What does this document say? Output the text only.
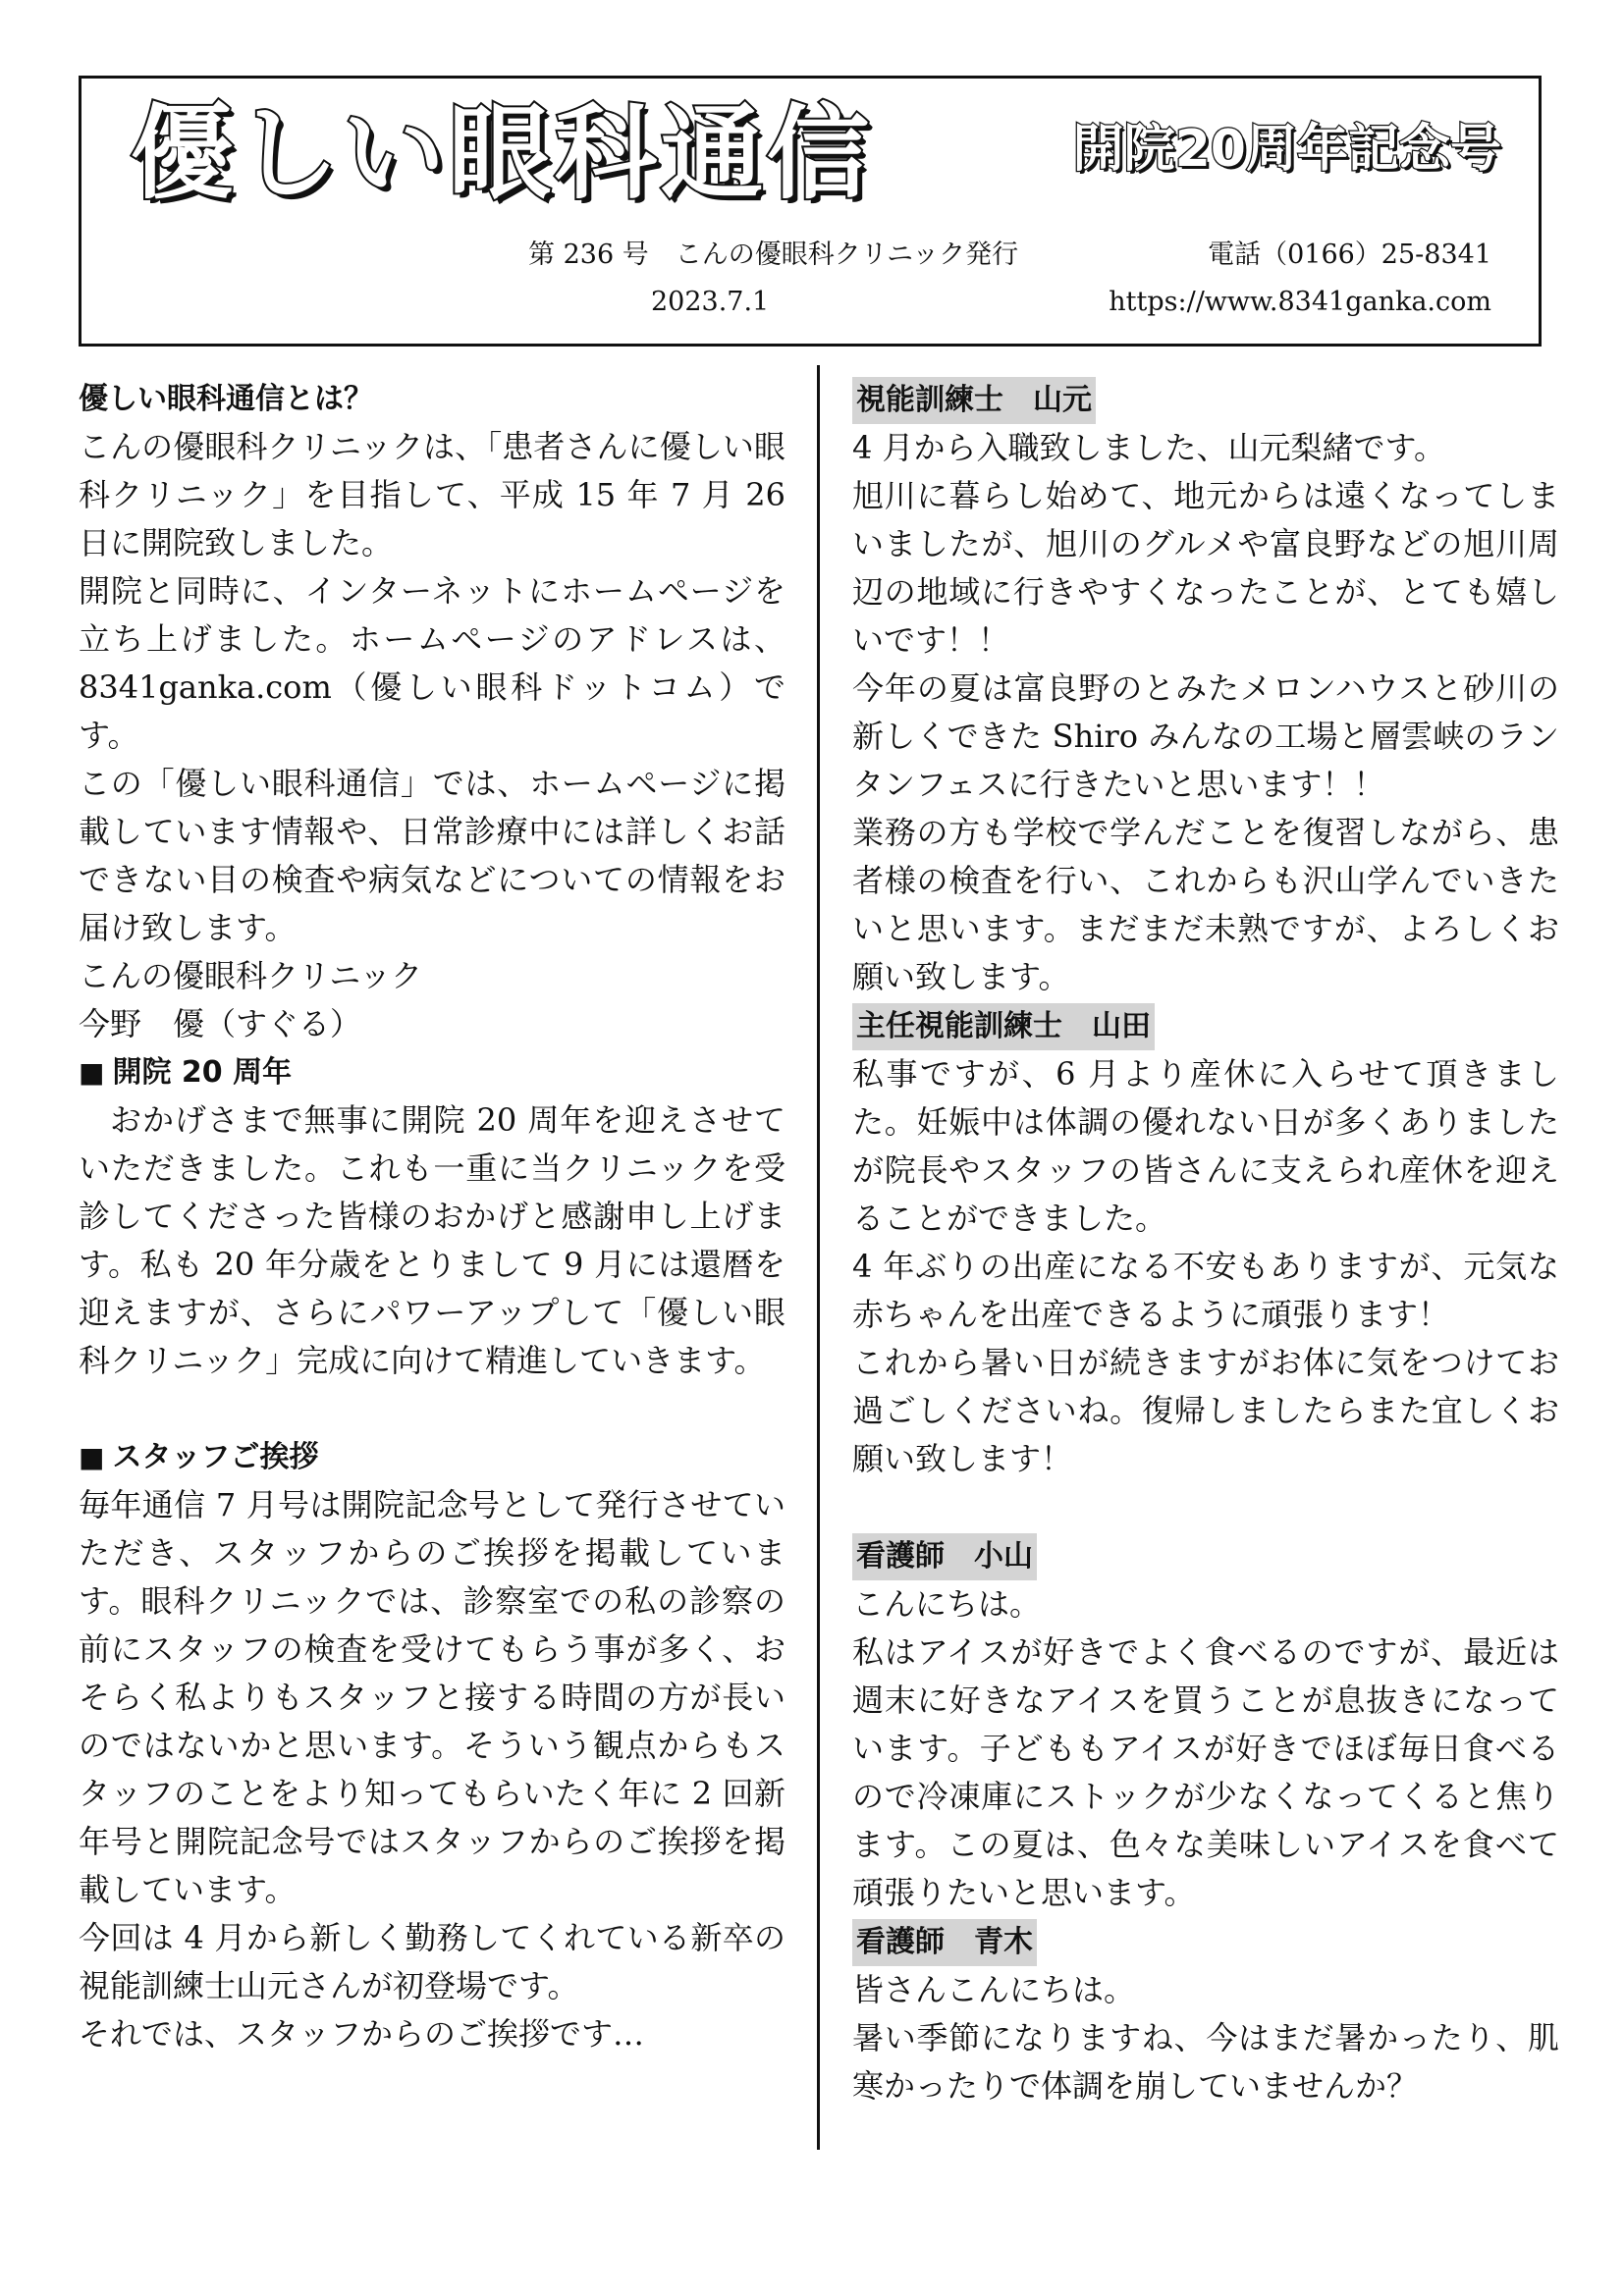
優しい眼科通信	開院20周年記念号
第 236 号　こんの優眼科クリニック発行	電話（0166）25-8341
2023.7.1	https://www.8341ganka.com
優しい眼科通信とは？

こんの優眼科クリニックは、「患者さんに優しい眼科クリニック」を目指して、平成 15 年 7 月 26 日に開院致しました。

開院と同時に、インターネットにホームページを立ち上げました。ホームページのアドレスは、8341ganka.com（優しい眼科ドットコム）です。

この「優しい眼科通信」では、ホームページに掲載しています情報や、日常診療中には詳しくお話できない目の検査や病気などについての情報をお届け致します。

こんの優眼科クリニック

今野　優（すぐる）

■ 開院 20 周年

おかげさまで無事に開院 20 周年を迎えさせていただきました。これも一重に当クリニックを受診してくださった皆様のおかげと感謝申し上げます。私も 20 年分歳をとりまして 9 月には還暦を迎えますが、さらにパワーアップして「優しい眼科クリニック」完成に向けて精進していきます。

■ スタッフご挨拶

毎年通信 7 月号は開院記念号として発行させていただき、スタッフからのご挨拶を掲載しています。眼科クリニックでは、診察室での私の診察の前にスタッフの検査を受けてもらう事が多く、おそらく私よりもスタッフと接する時間の方が長いのではないかと思います。そういう観点からもスタッフのことをより知ってもらいたく年に 2 回新年号と開院記念号ではスタッフからのご挨拶を掲載しています。

今回は 4 月から新しく勤務してくれている新卒の視能訓練士山元さんが初登場です。

それでは、スタッフからのご挨拶です…

視能訓練士　山元

4 月から入職致しました、山元梨緒です。

旭川に暮らし始めて、地元からは遠くなってしまいましたが、旭川のグルメや富良野などの旭川周辺の地域に行きやすくなったことが、とても嬉しいです！！

今年の夏は富良野のとみたメロンハウスと砂川の新しくできた Shiro みんなの工場と層雲峡のランタンフェスに行きたいと思います！！

業務の方も学校で学んだことを復習しながら、患者様の検査を行い、これからも沢山学んでいきたいと思います。まだまだ未熟ですが、よろしくお願い致します。

主任視能訓練士　山田

私事ですが、6 月より産休に入らせて頂きました。妊娠中は体調の優れない日が多くありましたが院長やスタッフの皆さんに支えられ産休を迎えることができました。

4 年ぶりの出産になる不安もありますが、元気な赤ちゃんを出産できるように頑張ります！

これから暑い日が続きますがお体に気をつけてお過ごしくださいね。復帰しましたらまた宜しくお願い致します！

看護師　小山

こんにちは。

私はアイスが好きでよく食べるのですが、最近は週末に好きなアイスを買うことが息抜きになっています。子どももアイスが好きでほぼ毎日食べるので冷凍庫にストックが少なくなってくると焦ります。この夏は、色々な美味しいアイスを食べて頑張りたいと思います。

看護師　青木

皆さんこんにちは。

暑い季節になりますね、今はまだ暑かったり、肌寒かったりで体調を崩していませんか？
